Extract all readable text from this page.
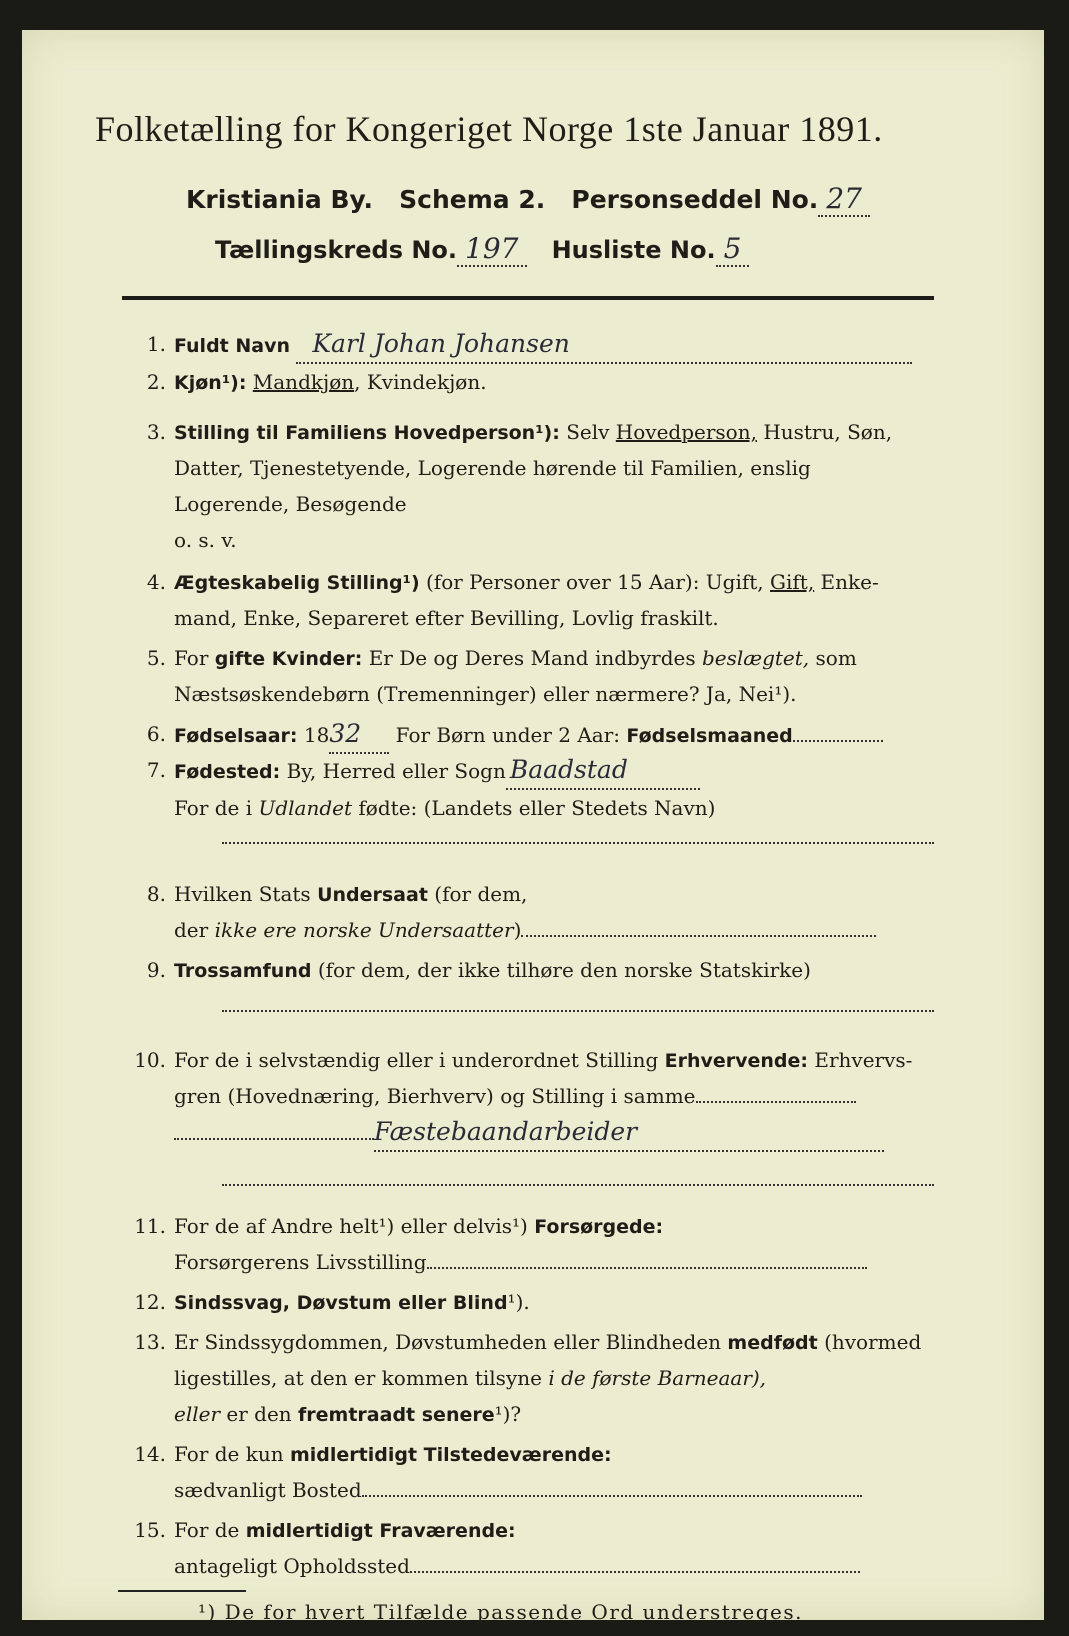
Folketælling for Kongeriget Norge 1ste Januar 1891.
Kristiania By. Schema 2. Personseddel No. 27
Tællingskreds No. 197 Husliste No. 5
1. Fuldt Navn Karl Johan Johansen
2. Kjøn¹): Mandkjøn, Kvindekjøn.
3. Stilling til Familiens Hovedperson¹): Selv Hovedperson, Hustru, Søn,
Datter, Tjenestetyende, Logerende hørende til Familien, enslig
Logerende, Besøgende
o. s. v.
4. Ægteskabelig Stilling¹) (for Personer over 15 Aar): Ugift, Gift, Enke-
mand, Enke, Separeret efter Bevilling, Lovlig fraskilt.
5. For gifte Kvinder: Er De og Deres Mand indbyrdes beslægtet, som
Næstsøskendebørn (Tremenninger) eller nærmere? Ja, Nei¹).
6. Fødselsaar: 1832 For Børn under 2 Aar: Fødselsmaaned
7. Fødested: By, Herred eller Sogn Baadstad
For de i Udlandet fødte: (Landets eller Stedets Navn)
8. Hvilken Stats Undersaat (for dem,
der ikke ere norske Undersaatter)
9. Trossamfund (for dem, der ikke tilhøre den norske Statskirke)
10. For de i selvstændig eller i underordnet Stilling Erhvervende: Erhvervs-
gren (Hovednæring, Bierhverv) og Stilling i samme
Fæstebaandarbeider
11. For de af Andre helt¹) eller delvis¹) Forsørgede:
Forsørgerens Livsstilling
12. Sindssvag, Døvstum eller Blind¹).
13. Er Sindssygdommen, Døvstumheden eller Blindheden medfødt (hvormed
ligestilles, at den er kommen tilsyne i de første Barneaar),
eller er den fremtraadt senere¹)?
14. For de kun midlertidigt Tilstedeværende:
sædvanligt Bosted
15. For de midlertidigt Fraværende:
antageligt Opholdssted
¹) De for hvert Tilfælde passende Ord understreges.
